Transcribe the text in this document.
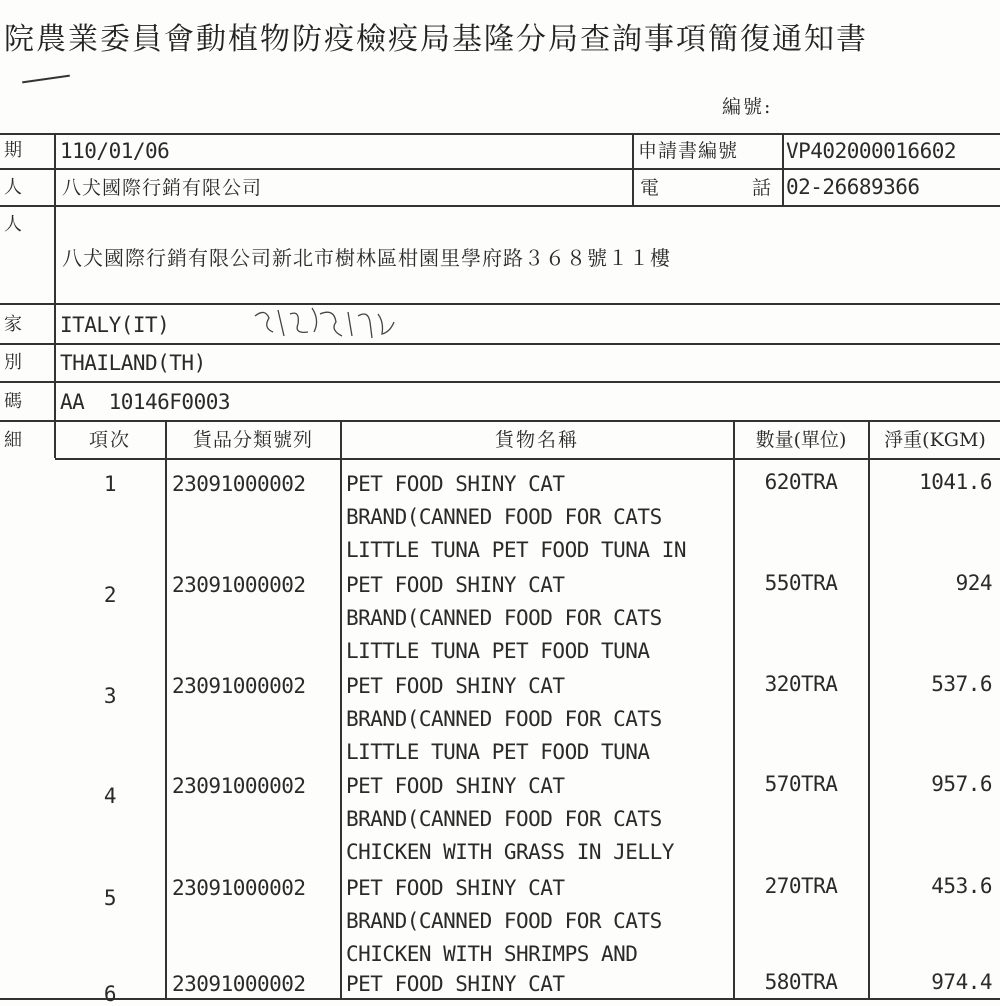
院農業委員會動植物防疫檢疫局基隆分局查詢事項簡復通知書
編號:
期 110/01/06	申請書編號 VP402000016602
人 八犬國際行銷有限公司	電	話 02-26689366
人
八犬國際行銷有限公司新北市樹林區柑園里學府路３６８號１１樓
家 ITALY(IT)
別 THAILAND(TH)
碼 AA  10146F0003
細	項次	貨品分類號列	貨物名稱	數量(單位)	淨重(KGM)
1	23091000002 PET FOOD SHINY CAT
BRAND(CANNED FOOD FOR CATS
LITTLE TUNA PET FOOD TUNA IN
620TRA	1041.6
2	23091000002 PET FOOD SHINY CAT
BRAND(CANNED FOOD FOR CATS
LITTLE TUNA PET FOOD TUNA
550TRA	924
3	23091000002 PET FOOD SHINY CAT
BRAND(CANNED FOOD FOR CATS
LITTLE TUNA PET FOOD TUNA
320TRA	537.6
4	23091000002 PET FOOD SHINY CAT
BRAND(CANNED FOOD FOR CATS
CHICKEN WITH GRASS IN JELLY
570TRA	957.6
5	23091000002 PET FOOD SHINY CAT
BRAND(CANNED FOOD FOR CATS
CHICKEN WITH SHRIMPS AND
270TRA	453.6
6	23091000002 PET FOOD SHINY CAT	580TRA	974.4
